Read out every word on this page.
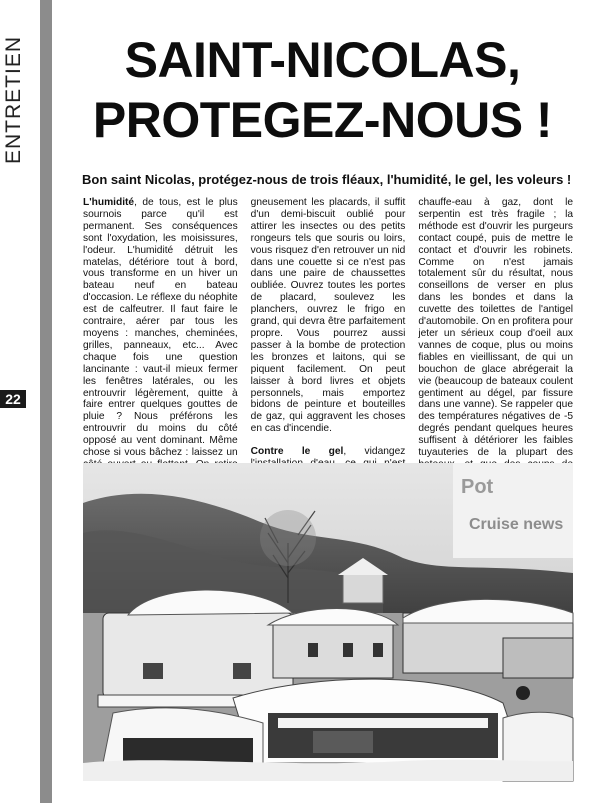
ENTRETIEN
22
SAINT-NICOLAS,
PROTEGEZ-NOUS !
Bon saint Nicolas, protégez-nous de trois fléaux, l'humidité, le gel, les voleurs !

L'humidité, de tous, est le plus sournois parce qu'il est permanent. Ses conséquences sont l'oxydation, les moisissures, l'odeur. L'humidité détruit les matelas, détériore tout à bord, vous transforme en un hiver un bateau neuf en bateau d'occasion. Le réflexe du néophite est de calfeutrer. Il faut faire le contraire, aérer par tous les moyens : manches, cheminées, grilles, panneaux, etc... Avec chaque fois une question lancinante : vaut-il mieux fermer les fenêtres latérales, ou les entrouvrir légèrement, quitte à faire entrer quelques gouttes de pluie ? Nous préférons les entrouvrir du moins du côté opposé au vent dominant. Même chose si vous bâchez : laissez un

gneusement les placards, il suffit d'un demi-biscuit oublié pour attirer les insectes ou des petits rongeurs tels que souris ou loirs, vous risquez d'en retrouver un nid dans une couette si ce n'est pas dans une paire de chaussettes oubliée. Ouvrez toutes les portes de placard, soulevez les planchers, ouvrez le frigo en grand, qui devra être parfaitement propre. Vous pourrez aussi passer à la bombe de protection les bronzes et laitons, qui se piquent facilement. On peut laisser à bord livres et objets personnels, mais emportez bidons de peinture et bouteilles de gaz, qui aggravent les choses en cas d'incendie.

Contre le gel, vidangez

chauffe-eau à gaz, dont le serpentin est très fragile ; la méthode est d'ouvrir les purgeurs contact coupé, puis de mettre le contact et d'ouvrir les robinets. Comme on n'est jamais totalement sûr du résultat, nous conseillons de verser en plus dans les bondes et dans la cuvette des toilettes de l'antigel d'automobile. On en profitera pour jeter un sérieux coup d'oeil aux vannes de coque, plus ou moins fiables en vieillissant, de qui un bouchon de glace abrégerait la vie (beaucoup de bateaux coulent gentiment au dégel, par fissure dans une vanne). Se rappeler que des températures négatives de -5 degrés pendant quelques heures suffisent à détériorer les faibles tuyauteries de la plupart des

Pot
Cruise news
